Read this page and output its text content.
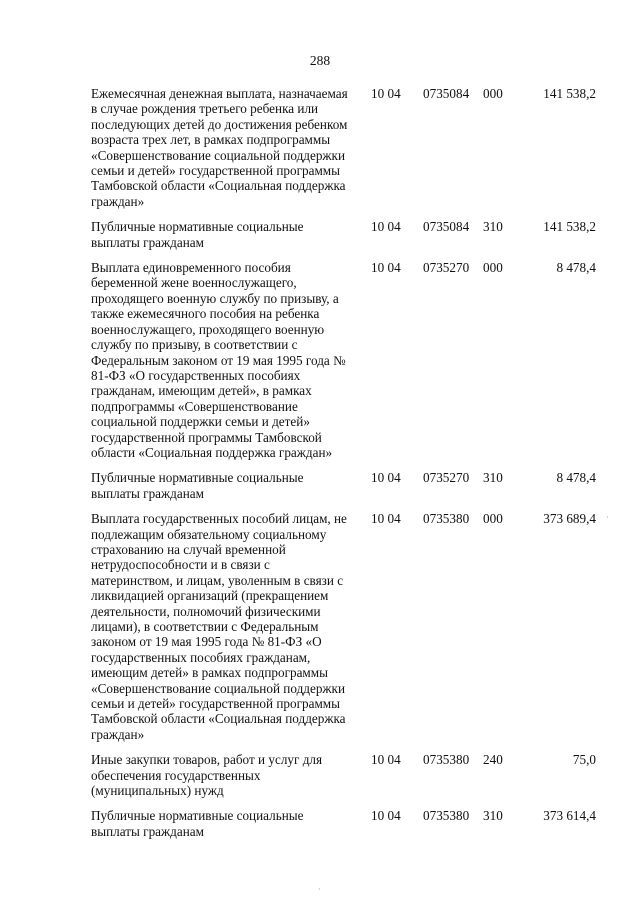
288
Ежемесячная денежная выплата, назначаемая в случае рождения третьего ребенка или последующих детей до достижения ребенком возраста трех лет, в рамках подпрограммы «Совершенствование социальной поддержки семьи и детей» государственной программы Тамбовской области «Социальная поддержка граждан»	10 04	0735084	000	141 538,2

Публичные нормативные социальные выплаты гражданам	10 04	0735084	310	141 538,2

Выплата единовременного пособия беременной жене военнослужащего, проходящего военную службу по призыву, а также ежемесячного пособия на ребенка военнослужащего, проходящего военную службу по призыву, в соответствии с Федеральным законом от 19 мая 1995 года № 81-ФЗ «О государственных пособиях гражданам, имеющим детей», в рамках подпрограммы «Совершенствование социальной поддержки семьи и детей» государственной программы Тамбовской области «Социальная поддержка граждан»	10 04	0735270	000	8 478,4

Публичные нормативные социальные выплаты гражданам	10 04	0735270	310	8 478,4

Выплата государственных пособий лицам, не подлежащим обязательному социальному страхованию на случай временной нетрудоспособности и в связи с материнством, и лицам, уволенным в связи с ликвидацией организаций (прекращением деятельности, полномочий физическими лицами), в соответствии с Федеральным законом от 19 мая 1995 года № 81-ФЗ «О государственных пособиях гражданам, имеющим детей» в рамках подпрограммы «Совершенствование социальной поддержки семьи и детей» государственной программы Тамбовской области «Социальная поддержка граждан»	10 04	0735380	000	373 689,4

Иные закупки товаров, работ и услуг для обеспечения государственных (муниципальных) нужд	10 04	0735380	240	75,0

Публичные нормативные социальные выплаты гражданам	10 04	0735380	310	373 614,4
·
·
